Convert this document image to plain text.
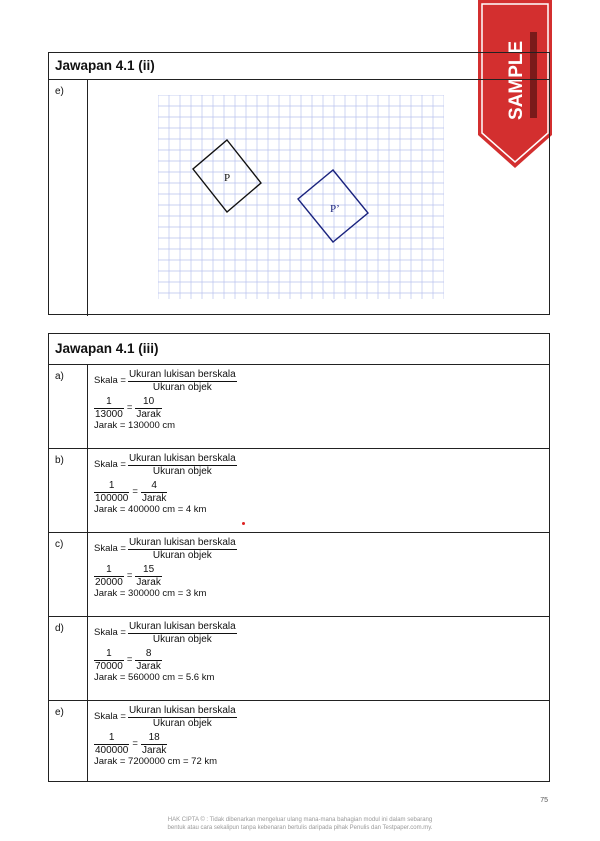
SAMPLE
Jawapan 4.1 (ii)
e)
P
P’
Jawapan 4.1 (iii)
a)	Skala = $\frac{\text{Ukuran lukisan berskala}}{\text{Ukuran objek}}$
$\frac{1}{13000} = \frac{10}{\text{Jarak}}$
Jarak = 130000 cm
b)	Skala = $\frac{\text{Ukuran lukisan berskala}}{\text{Ukuran objek}}$
$\frac{1}{100000} = \frac{4}{\text{Jarak}}$
Jarak = 400000 cm = 4 km
c)	Skala = $\frac{\text{Ukuran lukisan berskala}}{\text{Ukuran objek}}$
$\frac{1}{20000} = \frac{15}{\text{Jarak}}$
Jarak = 300000 cm = 3 km
d)	Skala = $\frac{\text{Ukuran lukisan berskala}}{\text{Ukuran objek}}$
$\frac{1}{70000} = \frac{8}{\text{Jarak}}$
Jarak = 560000 cm = 5.6 km
e)	Skala = $\frac{\text{Ukuran lukisan berskala}}{\text{Ukuran objek}}$
$\frac{1}{400000} = \frac{18}{\text{Jarak}}$
Jarak = 7200000 cm = 72 km
75
HAK CIPTA © : Tidak dibenarkan mengeluar ulang mana-mana bahagian modul ini dalam sebarang
bentuk atau cara sekalipun tanpa kebenaran bertulis daripada pihak Penulis dan Testpaper.com.my.
